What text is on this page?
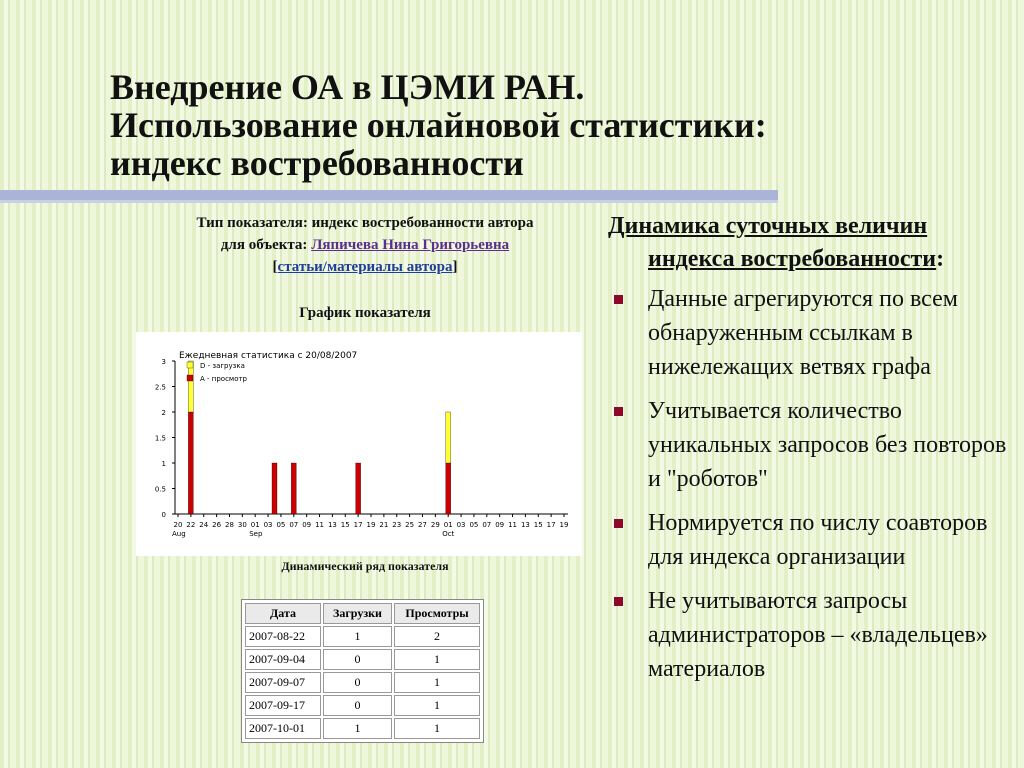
Внедрение ОА в ЦЭМИ РАН.
Использование онлайновой статистики:
индекс востребованности
Тип показателя: индекс востребованности автора
для объекта: Ляпичева Нина Григорьевна
[статьи/материалы автора]
График показателя
0
0.5
1
1.5
2
2.5
3
20 22 24 26 28 30 01 03 05 07 09 11 13 15 17 19 21 23 25 27 29 01 03 05 07 09 11 13 15 17 19
Aug	Sep	Oct
Ежедневная статистика с 20/08/2007
D - загрузка
A - просмотр
Динамический ряд показателя
Дата	Загрузки	Просмотры
2007-08-22	1	2
2007-09-04	0	1
2007-09-07	0	1
2007-09-17	0	1
2007-10-01	1	1
Динамика суточных величин
индекса востребованности:
Данные агрегируются по всем обнаруженным ссылкам в нижележащих ветвях графа
Учитывается количество уникальных запросов без повторов и "роботов"
Нормируется по числу соавторов для индекса организации
Не учитываются запросы администраторов – «владельцев» материалов
